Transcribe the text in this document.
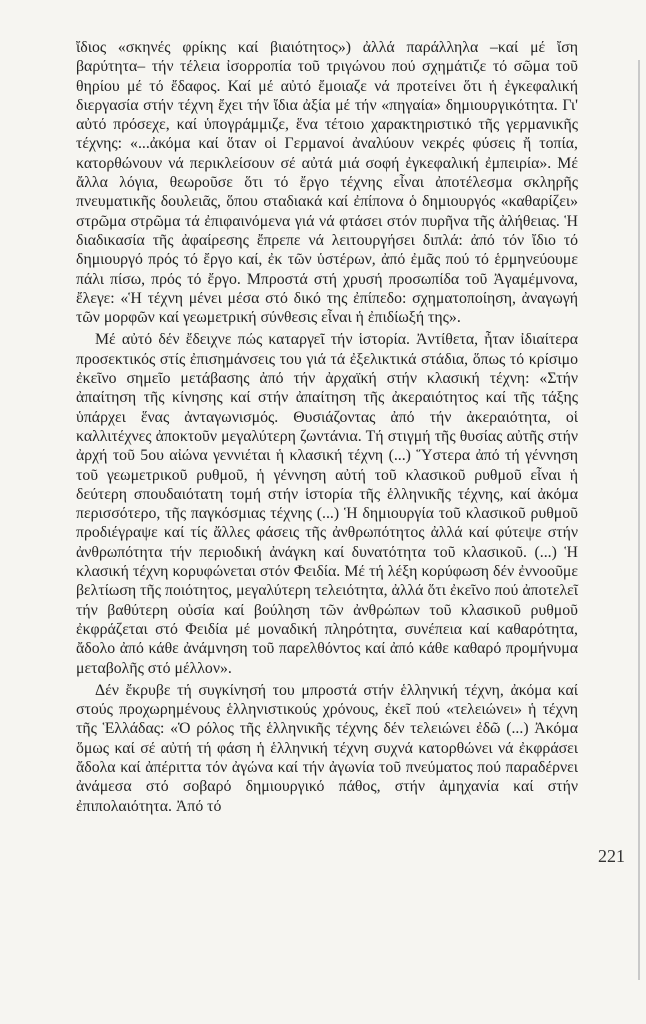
ἴδιος «σκηνές φρίκης καί βιαιότητος») ἀλλά παράλληλα –καί μέ ἴση βαρύτητα– τήν τέλεια ἰσορροπία τοῦ τριγώνου πού σχημάτιζε τό σῶμα τοῦ θηρίου μέ τό ἔδαφος. Καί μέ αὐτό ἔμοιαζε νά προτείνει ὅτι ἡ ἐγκεφαλική διεργασία στήν τέχνη ἔχει τήν ἴδια ἀξία μέ τήν «πηγαία» δημιουργικότητα. Γι' αὐτό πρόσεχε, καί ὑπογράμμιζε, ἕνα τέτοιο χαρακτηριστικό τῆς γερμανικῆς τέχνης: «...ἀκόμα καί ὅταν οἱ Γερμανοί ἀναλύουν νεκρές φύσεις ἤ τοπία, κατορθώνουν νά περικλείσουν σέ αὐτά μιά σοφή ἐγκεφαλική ἐμπειρία». Μέ ἄλλα λόγια, θεωροῦσε ὅτι τό ἔργο τέχνης εἶναι ἀποτέλεσμα σκληρῆς πνευματικῆς δουλειᾶς, ὅπου σταδιακά καί ἐπίπονα ὁ δημιουργός «καθαρίζει» στρῶμα στρῶμα τά ἐπιφαινόμενα γιά νά φτάσει στόν πυρῆνα τῆς ἀλήθειας. Ἡ διαδικασία τῆς ἀφαίρεσης ἔπρεπε νά λειτουργήσει διπλά: ἀπό τόν ἴδιο τό δημιουργό πρός τό ἔργο καί, ἐκ τῶν ὑστέρων, ἀπό ἐμᾶς πού τό ἑρμηνεύουμε πάλι πίσω, πρός τό ἔργο. Μπροστά στή χρυσή προσωπίδα τοῦ Ἀγαμέμνονα, ἔλεγε: «Ἡ τέχνη μένει μέσα στό δικό της ἐπίπεδο: σχηματοποίηση, ἀναγωγή τῶν μορφῶν καί γεωμετρική σύνθεσις εἶναι ἡ ἐπιδίωξή της».

Μέ αὐτό δέν ἔδειχνε πώς καταργεῖ τήν ἱστορία. Ἀντίθετα, ἦταν ἰδιαίτερα προσεκτικός στίς ἐπισημάνσεις του γιά τά ἐξελικτικά στάδια, ὅπως τό κρίσιμο ἐκεῖνο σημεῖο μετάβασης ἀπό τήν ἀρχαϊκή στήν κλασική τέχνη: «Στήν ἀπαίτηση τῆς κίνησης καί στήν ἀπαίτηση τῆς ἀκεραιότητος καί τῆς τάξης ὑπάρχει ἕνας ἀνταγωνισμός. Θυσιάζοντας ἀπό τήν ἀκεραιότητα, οἱ καλλιτέχνες ἀποκτοῦν μεγαλύτερη ζωντάνια. Τή στιγμή τῆς θυσίας αὐτῆς στήν ἀρχή τοῦ 5ου αἰώνα γεννιέται ἡ κλασική τέχνη (...) Ὕστερα ἀπό τή γέννηση τοῦ γεωμετρικοῦ ρυθμοῦ, ἡ γέννηση αὐτή τοῦ κλασικοῦ ρυθμοῦ εἶναι ἡ δεύτερη σπουδαιότατη τομή στήν ἱστορία τῆς ἑλληνικῆς τέχνης, καί ἀκόμα περισσότερο, τῆς παγκόσμιας τέχνης (...) Ἡ δημιουργία τοῦ κλασικοῦ ρυθμοῦ προδιέγραψε καί τίς ἄλλες φάσεις τῆς ἀνθρωπότητος ἀλλά καί φύτεψε στήν ἀνθρωπότητα τήν περιοδική ἀνάγκη καί δυνατότητα τοῦ κλασικοῦ. (...) Ἡ κλασική τέχνη κορυφώνεται στόν Φειδία. Μέ τή λέξη κορύφωση δέν ἐννοοῦμε βελτίωση τῆς ποιότητος, μεγαλύτερη τελειότητα, ἀλλά ὅτι ἐκεῖνο πού ἀποτελεῖ τήν βαθύτερη οὐσία καί βούληση τῶν ἀνθρώπων τοῦ κλασικοῦ ρυθμοῦ ἐκφράζεται στό Φειδία μέ μοναδική πληρότητα, συνέπεια καί καθαρότητα, ἄδολο ἀπό κάθε ἀνάμνηση τοῦ παρελθόντος καί ἀπό κάθε καθαρό προμήνυμα μεταβολῆς στό μέλλον».

Δέν ἔκρυβε τή συγκίνησή του μπροστά στήν ἑλληνική τέχνη, ἀκόμα καί στούς προχωρημένους ἑλληνιστικούς χρόνους, ἐκεῖ πού «τελειώνει» ἡ τέχνη τῆς Ἑλλάδας: «Ὁ ρόλος τῆς ἑλληνικῆς τέχνης δέν τελειώνει ἐδῶ (...) Ἀκόμα ὅμως καί σέ αὐτή τή φάση ἡ ἑλληνική τέχνη συχνά κατορθώνει νά ἐκφράσει ἄδολα καί ἀπέριττα τόν ἀγώνα καί τήν ἀγωνία τοῦ πνεύματος πού παραδέρνει ἀνάμεσα στό σοβαρό δημιουργικό πάθος, στήν ἀμηχανία καί στήν ἐπιπολαιότητα. Ἀπό τό

221
